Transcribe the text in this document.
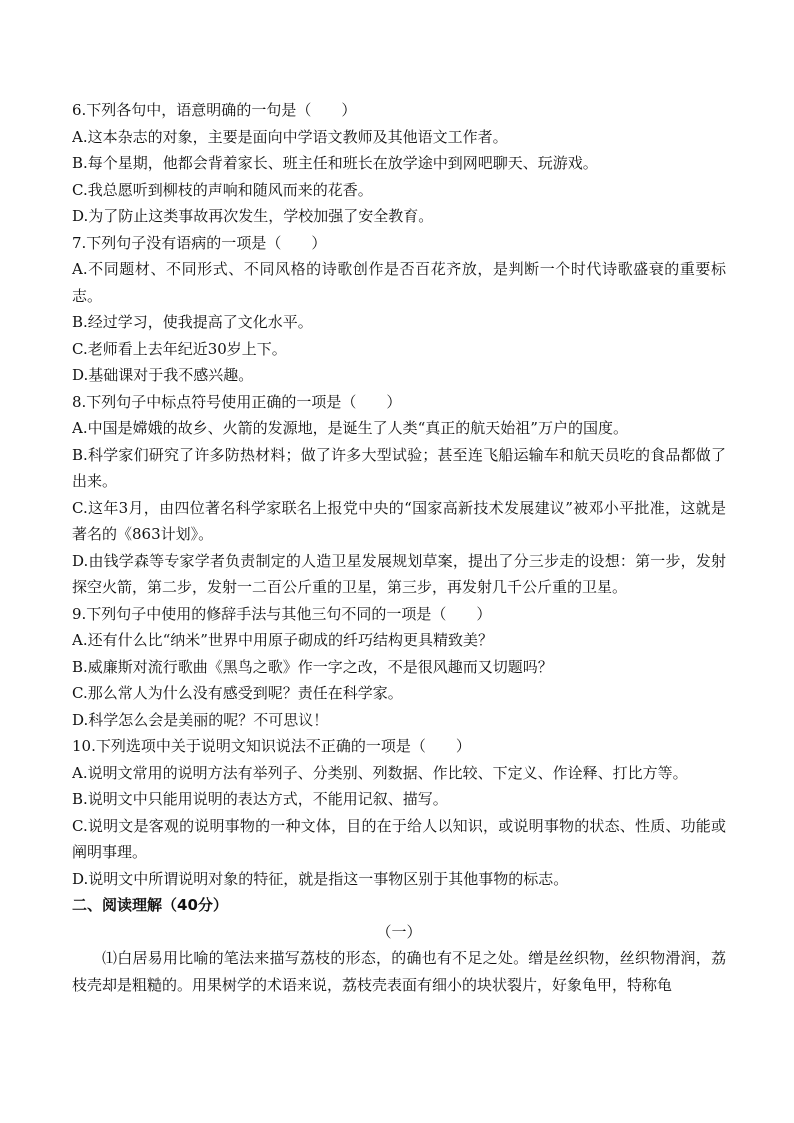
6.下列各句中，语意明确的一句是（　　）
A.这本杂志的对象，主要是面向中学语文教师及其他语文工作者。
B.每个星期，他都会背着家长、班主任和班长在放学途中到网吧聊天、玩游戏。
C.我总愿听到柳枝的声响和随风而来的花香。
D.为了防止这类事故再次发生，学校加强了安全教育。
7.下列句子没有语病的一项是（　　）
A.不同题材、不同形式、不同风格的诗歌创作是否百花齐放，是判断一个时代诗歌盛衰的重要标志。
B.经过学习，使我提高了文化水平。
C.老师看上去年纪近30岁上下。
D.基础课对于我不感兴趣。
8.下列句子中标点符号使用正确的一项是（　　）
A.中国是嫦娥的故乡、火箭的发源地，是诞生了人类“真正的航天始祖”万户的国度。
B.科学家们研究了许多防热材料；做了许多大型试验；甚至连飞船运输车和航天员吃的食品都做了出来。
C.这年3月，由四位著名科学家联名上报党中央的“国家高新技术发展建议”被邓小平批准，这就是著名的《863计划》。
D.由钱学森等专家学者负责制定的人造卫星发展规划草案，提出了分三步走的设想：第一步，发射探空火箭，第二步，发射一二百公斤重的卫星，第三步，再发射几千公斤重的卫星。
9.下列句子中使用的修辞手法与其他三句不同的一项是（　　）
A.还有什么比“纳米”世界中用原子砌成的纤巧结构更具精致美？
B.威廉斯对流行歌曲《黑鸟之歌》作一字之改，不是很风趣而又切题吗？
C.那么常人为什么没有感受到呢？责任在科学家。
D.科学怎么会是美丽的呢？不可思议！
10.下列选项中关于说明文知识说法不正确的一项是（　　）
A.说明文常用的说明方法有举列子、分类别、列数据、作比较、下定义、作诠释、打比方等。
B.说明文中只能用说明的表达方式，不能用记叙、描写。
C.说明文是客观的说明事物的一种文体，目的在于给人以知识，或说明事物的状态、性质、功能或阐明事理。
D.说明文中所谓说明对象的特征，就是指这一事物区别于其他事物的标志。
二、阅读理解（40分）
（一）
⑴白居易用比喻的笔法来描写荔枝的形态，的确也有不足之处。缯是丝织物，丝织物滑润，荔枝壳却是粗糙的。用果树学的术语来说，荔枝壳表面有细小的块状裂片，好象龟甲，特称龟
